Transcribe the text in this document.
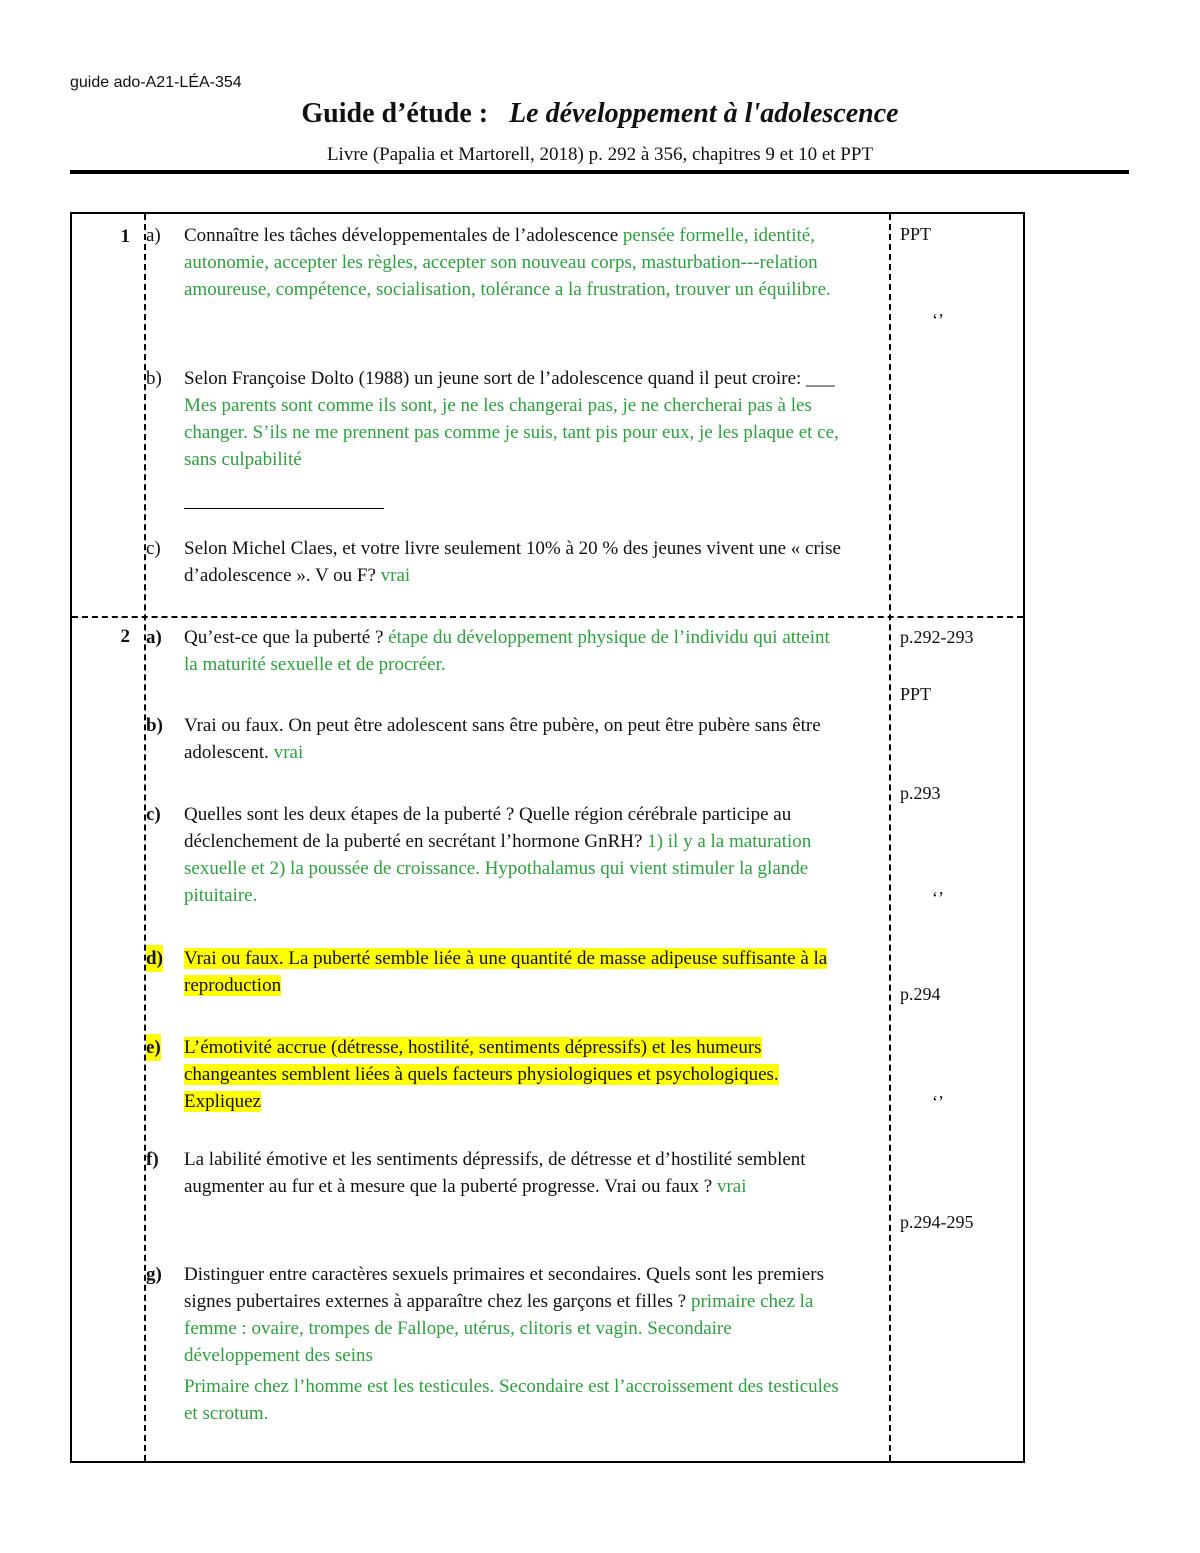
guide ado-A21-LÉA-354
Guide d’étude : Le développement à l'adolescence
Livre (Papalia et Martorell, 2018) p. 292 à 356, chapitres 9 et 10 et PPT
1 a) Connaître les tâches développementales de l’adolescence pensée formelle, identité, autonomie, accepter les règles, accepter son nouveau corps, masturbation---relation amoureuse, compétence, socialisation, tolérance a la frustration, trouver un équilibre.
b) Selon Françoise Dolto (1988) un jeune sort de l’adolescence quand il peut croire: ___ Mes parents sont comme ils sont, je ne les changerai pas, je ne chercherai pas à les changer. S’ils ne me prennent pas comme je suis, tant pis pour eux, je les plaque et ce, sans culpabilité

c) Selon Michel Claes, et votre livre seulement 10% à 20 % des jeunes vivent une « crise d’adolescence ». V ou F? vrai
PPT
‘’
2 a) Qu’est-ce que la puberté ? étape du développement physique de l’individu qui atteint la maturité sexuelle et de procréer.
b) Vrai ou faux. On peut être adolescent sans être pubère, on peut être pubère sans être adolescent. vrai
c) Quelles sont les deux étapes de la puberté ? Quelle région cérébrale participe au déclenchement de la puberté en secrétant l’hormone GnRH? 1) il y a la maturation sexuelle et 2) la poussée de croissance. Hypothalamus qui vient stimuler la glande pituitaire.
d) Vrai ou faux. La puberté semble liée à une quantité de masse adipeuse suffisante à la reproduction
e) L’émotivité accrue (détresse, hostilité, sentiments dépressifs) et les humeurs changeantes semblent liées à quels facteurs physiologiques et psychologiques. Expliquez
f) La labilité émotive et les sentiments dépressifs, de détresse et d’hostilité semblent augmenter au fur et à mesure que la puberté progresse. Vrai ou faux ? vrai
g) Distinguer entre caractères sexuels primaires et secondaires. Quels sont les premiers signes pubertaires externes à apparaître chez les garçons et filles ? primaire chez la femme : ovaire, trompes de Fallope, utérus, clitoris et vagin. Secondaire développement des seins
Primaire chez l’homme est les testicules. Secondaire est l’accroissement des testicules et scrotum.
p.292-293
PPT
p.293
‘’
p.294
‘’
p.294-295
